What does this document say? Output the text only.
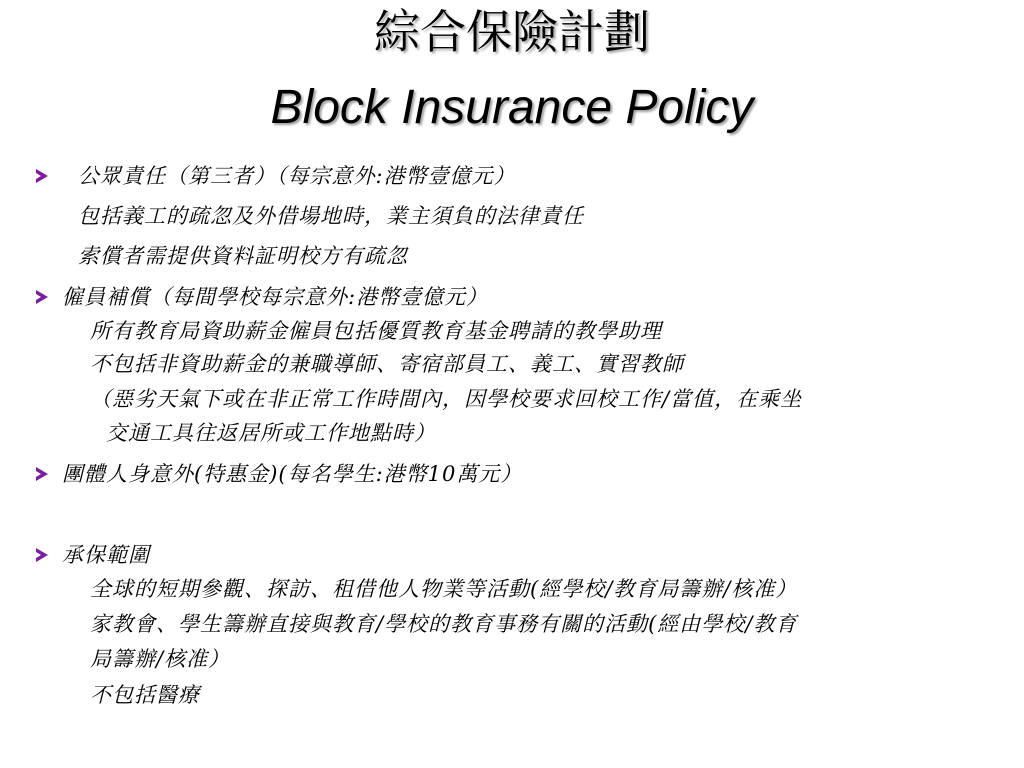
綜合保險計劃
Block Insurance Policy
公眾責任（第三者）（每宗意外:港幣壹億元）
包括義工的疏忽及外借場地時，業主須負的法律責任
索償者需提供資料証明校方有疏忽
僱員補償（每間學校每宗意外:港幣壹億元）
所有教育局資助薪金僱員包括優質教育基金聘請的教學助理
不包括非資助薪金的兼職導師、寄宿部員工、義工、實習教師
（惡劣天氣下或在非正常工作時間內，因學校要求回校工作/當值，在乘坐
交通工具往返居所或工作地點時）
團體人身意外(特惠金)(每名學生:港幣10萬元）
承保範圍
全球的短期參觀、探訪、租借他人物業等活動(經學校/教育局籌辦/核准）
家教會、學生籌辦直接與教育/學校的教育事務有關的活動(經由學校/教育
局籌辦/核准）
不包括醫療
